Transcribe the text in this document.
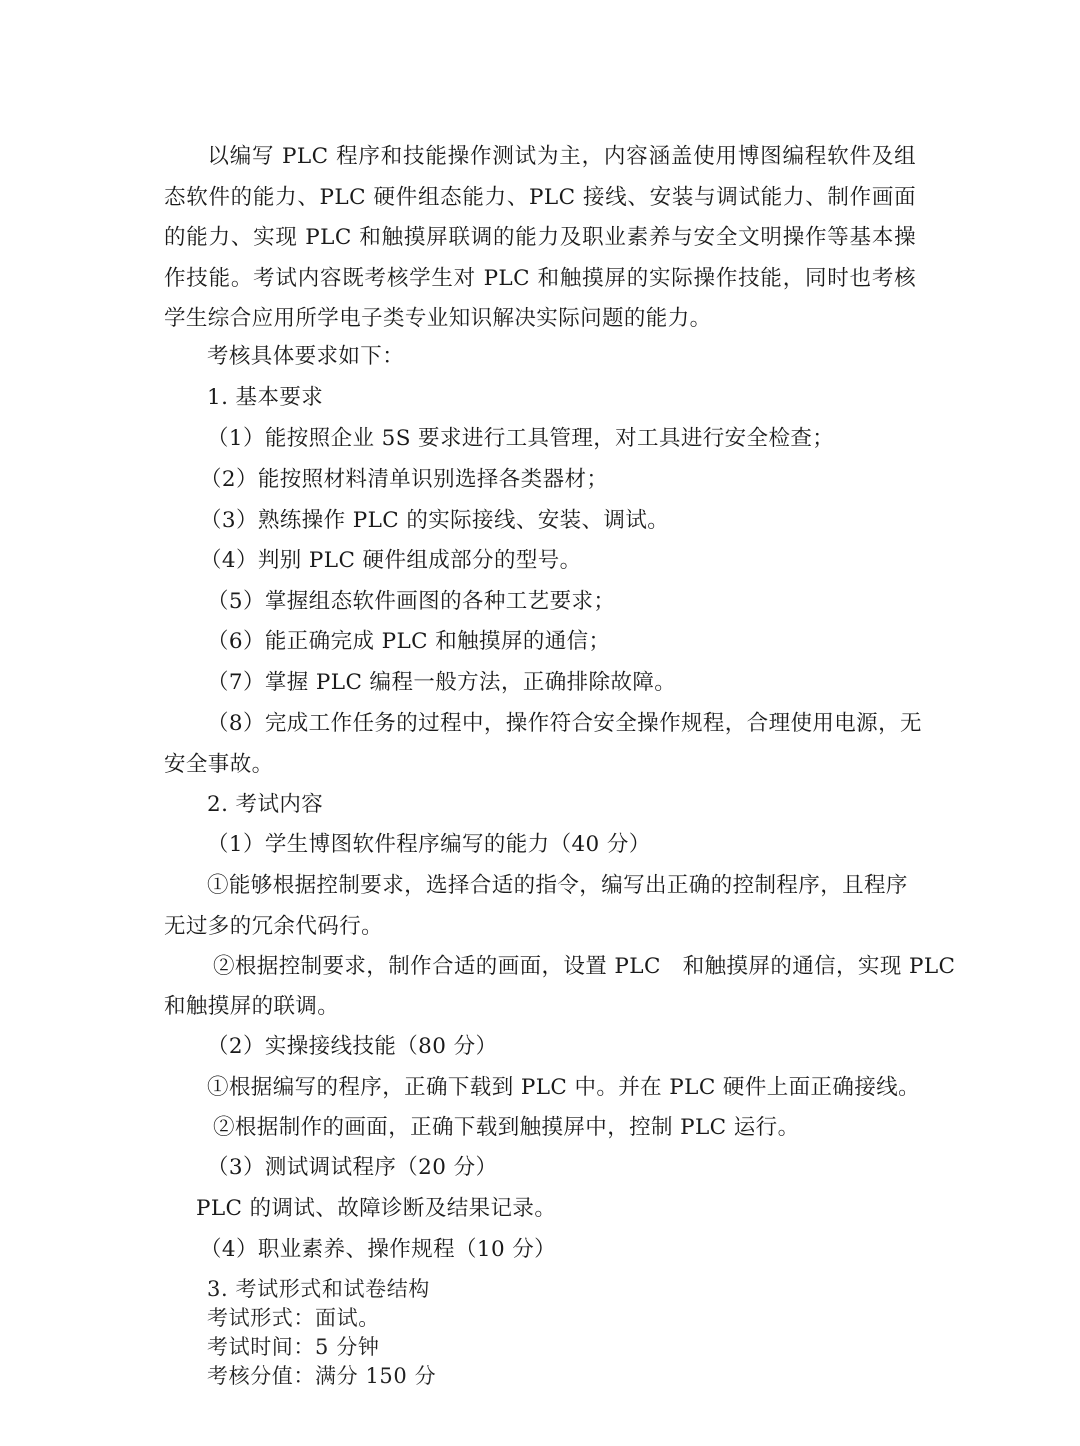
以编写 PLC 程序和技能操作测试为主，内容涵盖使用博图编程软件及组态软件的能力、PLC 硬件组态能力、PLC 接线、安装与调试能力、制作画面的能力、实现 PLC 和触摸屏联调的能力及职业素养与安全文明操作等基本操作技能。考试内容既考核学生对 PLC 和触摸屏的实际操作技能，同时也考核学生综合应用所学电子类专业知识解决实际问题的能力。
考核具体要求如下：
1. 基本要求
（1）能按照企业 5S 要求进行工具管理，对工具进行安全检查；
（2）能按照材料清单识别选择各类器材；
（3）熟练操作 PLC 的实际接线、安装、调试。
（4）判别 PLC 硬件组成部分的型号。
（5）掌握组态软件画图的各种工艺要求；
（6）能正确完成 PLC 和触摸屏的通信；
（7）掌握 PLC 编程一般方法，正确排除故障。
（8）完成工作任务的过程中，操作符合安全操作规程，合理使用电源，无
安全事故。
2. 考试内容
（1）学生博图软件程序编写的能力（40 分）
①能够根据控制要求，选择合适的指令，编写出正确的控制程序，且程序
无过多的冗余代码行。
②根据控制要求，制作合适的画面，设置 PLC　和触摸屏的通信，实现 PLC
和触摸屏的联调。
（2）实操接线技能（80 分）
①根据编写的程序，正确下载到 PLC 中。并在 PLC 硬件上面正确接线。
②根据制作的画面，正确下载到触摸屏中，控制 PLC 运行。
（3）测试调试程序（20 分）
PLC 的调试、故障诊断及结果记录。
（4）职业素养、操作规程（10 分）
3. 考试形式和试卷结构
考试形式：面试。
考试时间：5 分钟
考核分值：满分 150 分
